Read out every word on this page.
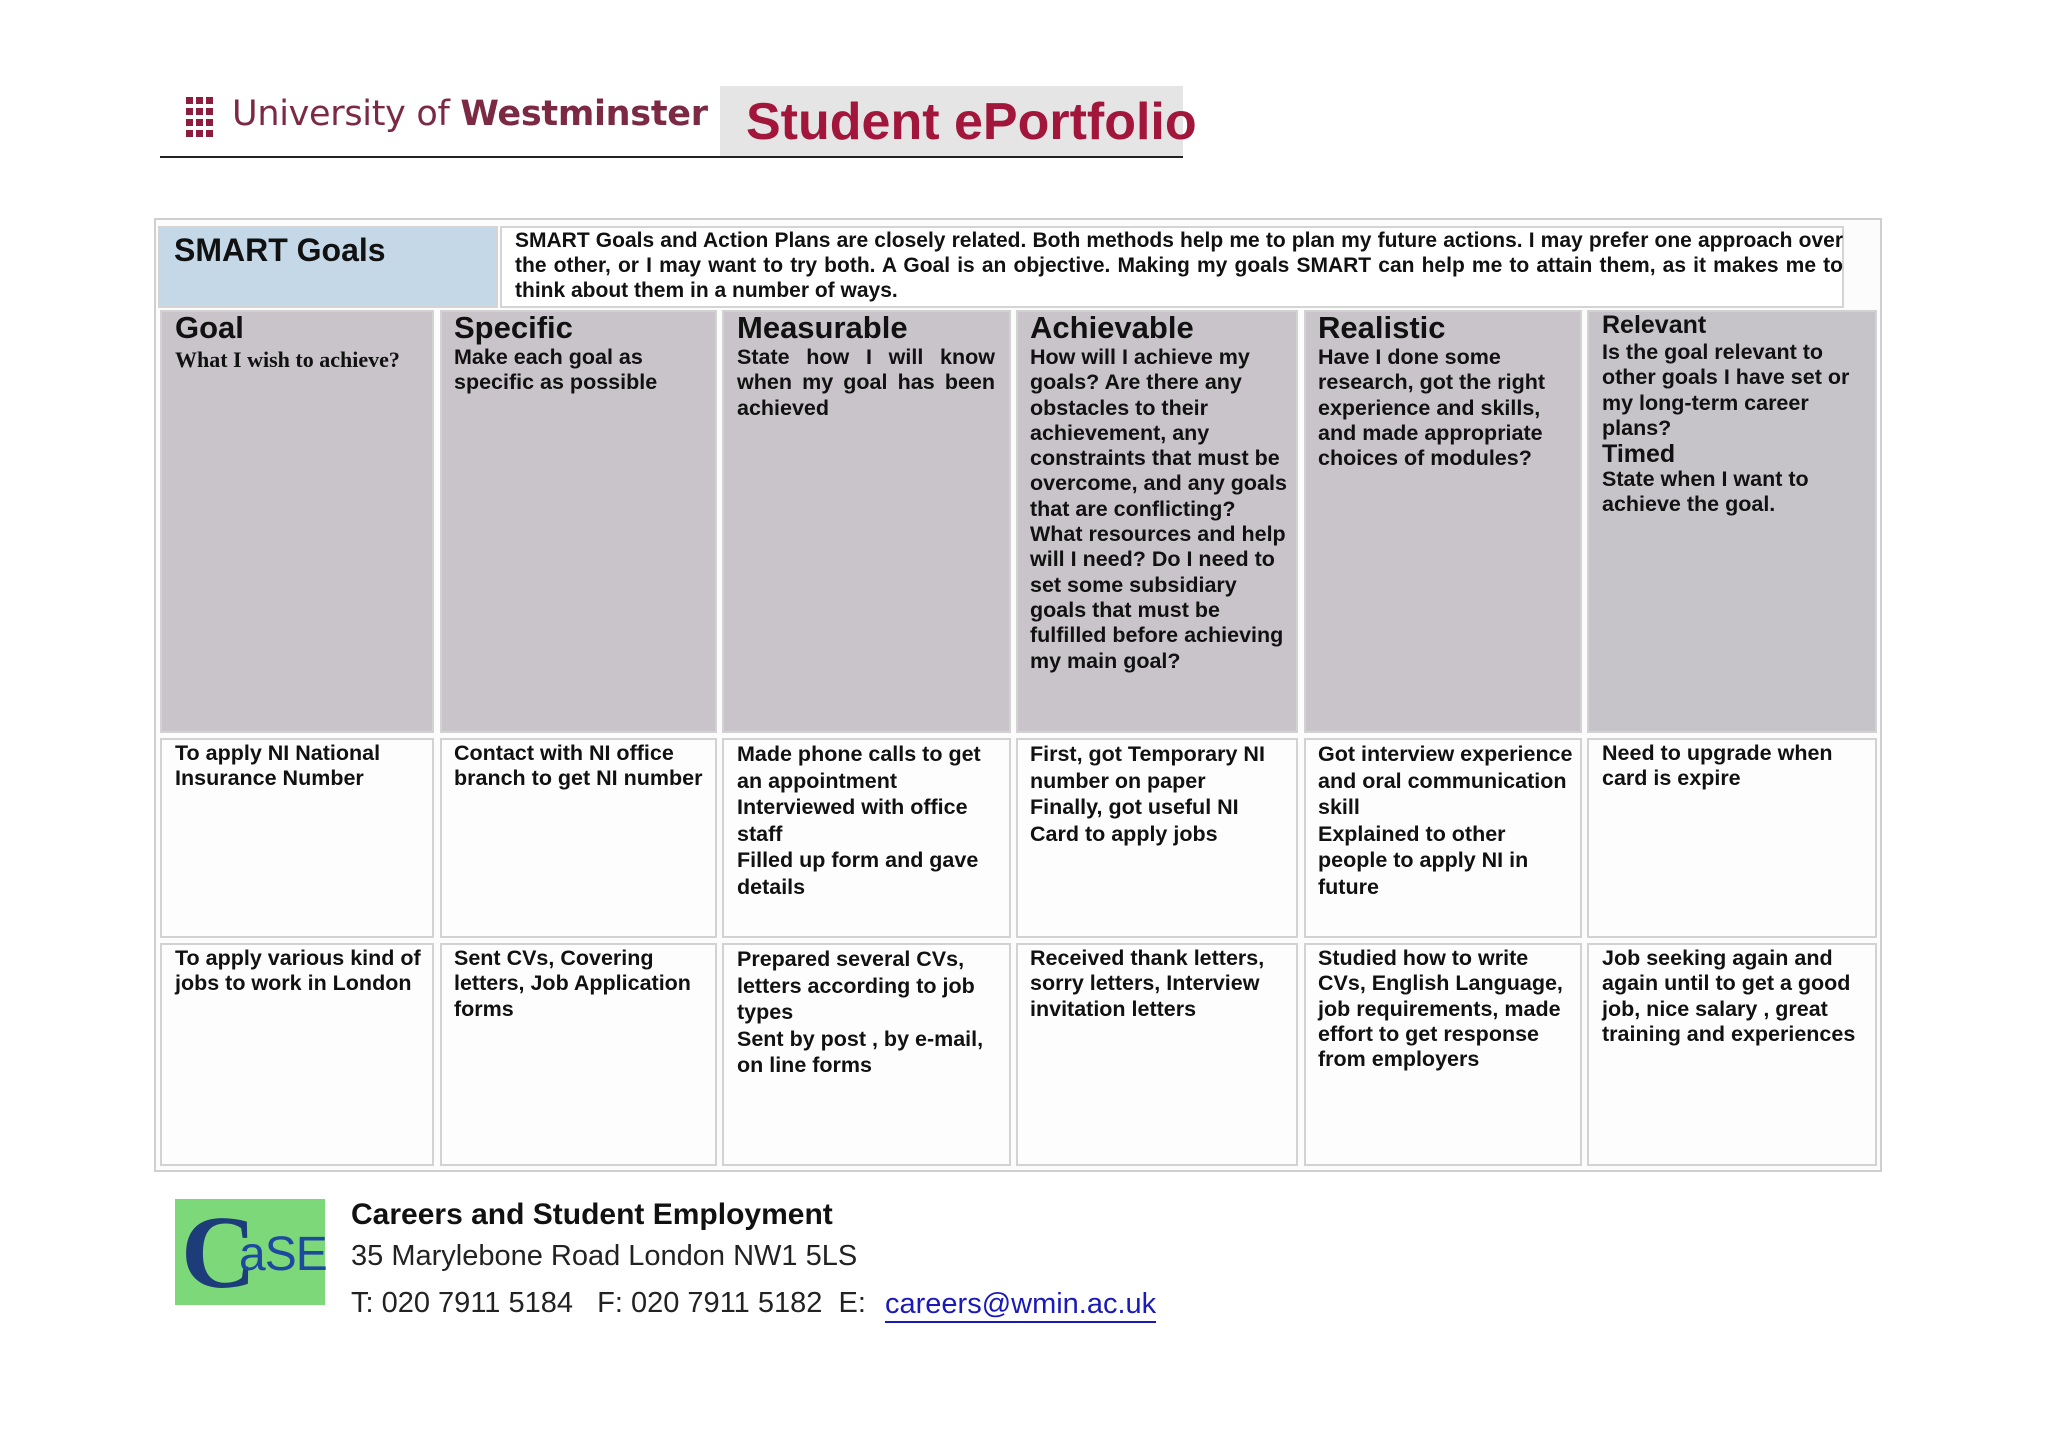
University of Westminster Student ePortfolio
SMART Goals	SMART Goals and Action Plans are closely related. Both methods help me to plan my future actions. I may prefer one approach over the other, or I may want to try both. A Goal is an objective. Making my goals SMART can help me to attain them, as it makes me to think about them in a number of ways.
Goal
What I wish to achieve?
Specific
Make each goal as specific as possible
Measurable
State how I will know when my goal has been achieved
Achievable
How will I achieve my goals? Are there any obstacles to their achievement, any constraints that must be overcome, and any goals that are conflicting? What resources and help will I need? Do I need to set some subsidiary goals that must be fulfilled before achieving my main goal?
Realistic
Have I done some research, got the right experience and skills, and made appropriate choices of modules?
Relevant
Is the goal relevant to other goals I have set or my long-term career plans?
Timed
State when I want to achieve the goal.
To apply NI National Insurance Number
Contact with NI office branch to get NI number
Made phone calls to get an appointment
Interviewed with office staff
Filled up form and gave details
First, got Temporary NI number on paper
Finally, got useful NI Card to apply jobs
Got interview experience and oral communication skill
Explained to other people to apply NI in future
Need to upgrade when card is expire
To apply various kind of jobs to work in London
Sent CVs, Covering letters, Job Application forms
Prepared several CVs, letters according to job types
Sent by post , by e-mail, on line forms
Received thank letters, sorry letters, Interview invitation letters
Studied how to write CVs, English Language, job requirements, made effort to get response from employers
Job seeking again and again until to get a good job, nice salary , great training and experiences
C
aSE
Careers and Student Employment
35 Marylebone Road London NW1 5LS
T: 020 7911 5184   F: 020 7911 5182  E: careers@wmin.ac.uk
